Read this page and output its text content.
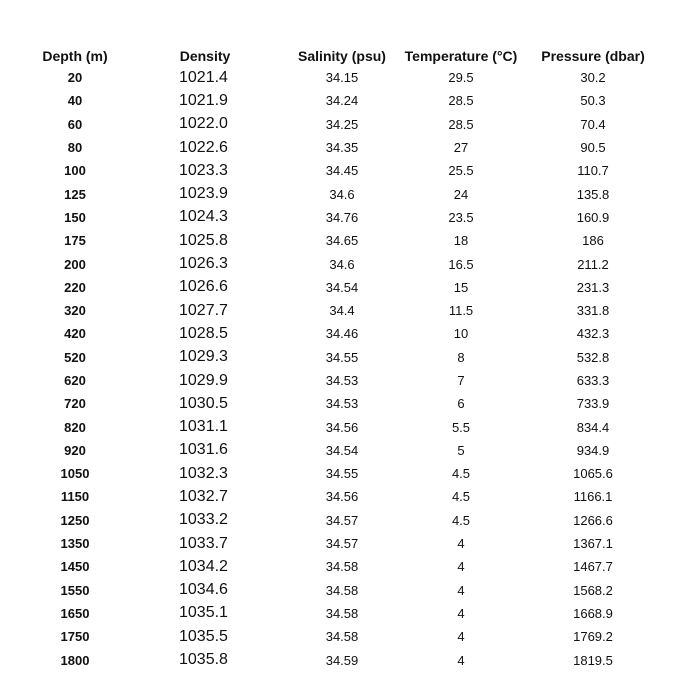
Depth (m)	Density	Salinity (psu)	Temperature (°C)	Pressure (dbar)
20	1021.4	34.15	29.5	30.2
40	1021.9	34.24	28.5	50.3
60	1022.0	34.25	28.5	70.4
80	1022.6	34.35	27	90.5
100	1023.3	34.45	25.5	110.7
125	1023.9	34.6	24	135.8
150	1024.3	34.76	23.5	160.9
175	1025.8	34.65	18	186
200	1026.3	34.6	16.5	211.2
220	1026.6	34.54	15	231.3
320	1027.7	34.4	11.5	331.8
420	1028.5	34.46	10	432.3
520	1029.3	34.55	8	532.8
620	1029.9	34.53	7	633.3
720	1030.5	34.53	6	733.9
820	1031.1	34.56	5.5	834.4
920	1031.6	34.54	5	934.9
1050	1032.3	34.55	4.5	1065.6
1150	1032.7	34.56	4.5	1166.1
1250	1033.2	34.57	4.5	1266.6
1350	1033.7	34.57	4	1367.1
1450	1034.2	34.58	4	1467.7
1550	1034.6	34.58	4	1568.2
1650	1035.1	34.58	4	1668.9
1750	1035.5	34.58	4	1769.2
1800	1035.8	34.59	4	1819.5
